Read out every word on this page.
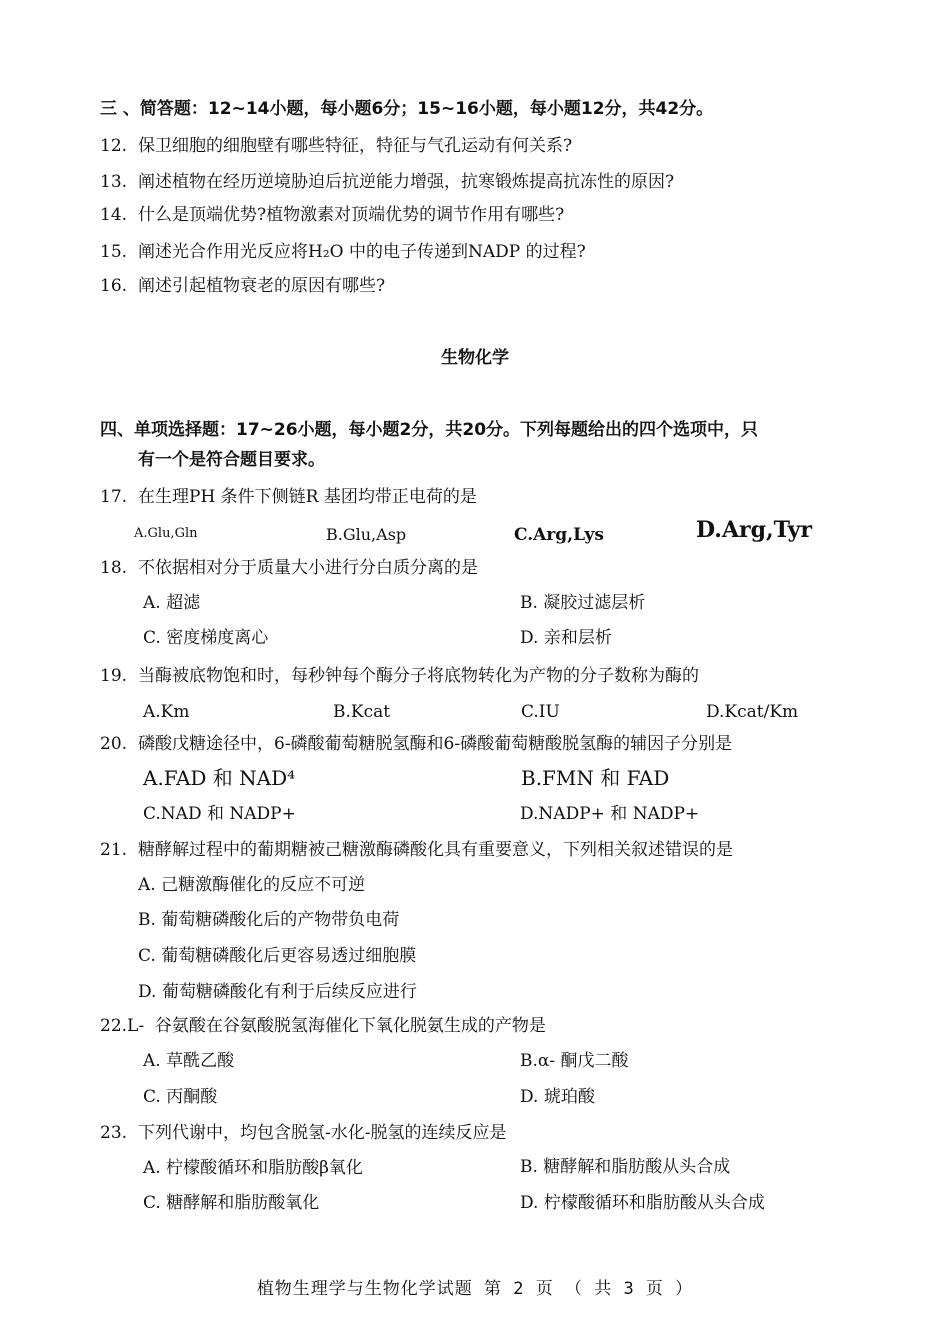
三 、简答题：12~14小题，每小题6分；15~16小题，每小题12分，共42分。
12. 保卫细胞的细胞壁有哪些特征，特征与气孔运动有何关系?
13. 阐述植物在经历逆境胁迫后抗逆能力增强，抗寒锻炼提高抗冻性的原因?
14. 什么是顶端优势?植物激素对顶端优势的调节作用有哪些?
15. 阐述光合作用光反应将H₂O 中的电子传递到NADP 的过程?
16. 阐述引起植物衰老的原因有哪些?
生物化学
四、单项选择题：17~26小题，每小题2分，共20分。下列每题给出的四个选项中，只
有一个是符合题目要求。
17. 在生理PH 条件下侧链R 基团均带正电荷的是
A.Glu,Gln	B.Glu,Asp	C.Arg,Lys	D.Arg,Tyr
18. 不依据相对分于质量大小进行分白质分离的是
A. 超滤	B. 凝胶过滤层析
C. 密度梯度离心	D. 亲和层析
19. 当酶被底物饱和时，每秒钟每个酶分子将底物转化为产物的分子数称为酶的
A.Km	B.Kcat	C.IU	D.Kcat/Km
20. 磷酸戊糖途径中，6-磷酸葡萄糖脱氢酶和6-磷酸葡萄糖酸脱氢酶的辅因子分别是
A.FAD 和 NAD⁴	B.FMN 和 FAD
C.NAD 和 NADP+	D.NADP+ 和 NADP+
21. 糖酵解过程中的葡期糖被己糖激酶磷酸化具有重要意义，下列相关叙述错误的是
A. 己糖激酶催化的反应不可逆
B. 葡萄糖磷酸化后的产物带负电荷
C. 葡萄糖磷酸化后更容易透过细胞膜
D. 葡萄糖磷酸化有利于后续反应进行
22.L- 谷氨酸在谷氨酸脱氢海催化下氧化脱氨生成的产物是
A. 草酰乙酸	B.α- 酮戊二酸
C. 丙酮酸	D. 琥珀酸
23. 下列代谢中，均包含脱氢-水化-脱氢的连续反应是
A. 柠檬酸循环和脂肪酸β氧化	B. 糖酵解和脂肪酸从头合成
C. 糖酵解和脂肪酸氧化	D. 柠檬酸循环和脂肪酸从头合成
植物生理学与生物化学试题 第 2 页 （ 共 3 页 ）
